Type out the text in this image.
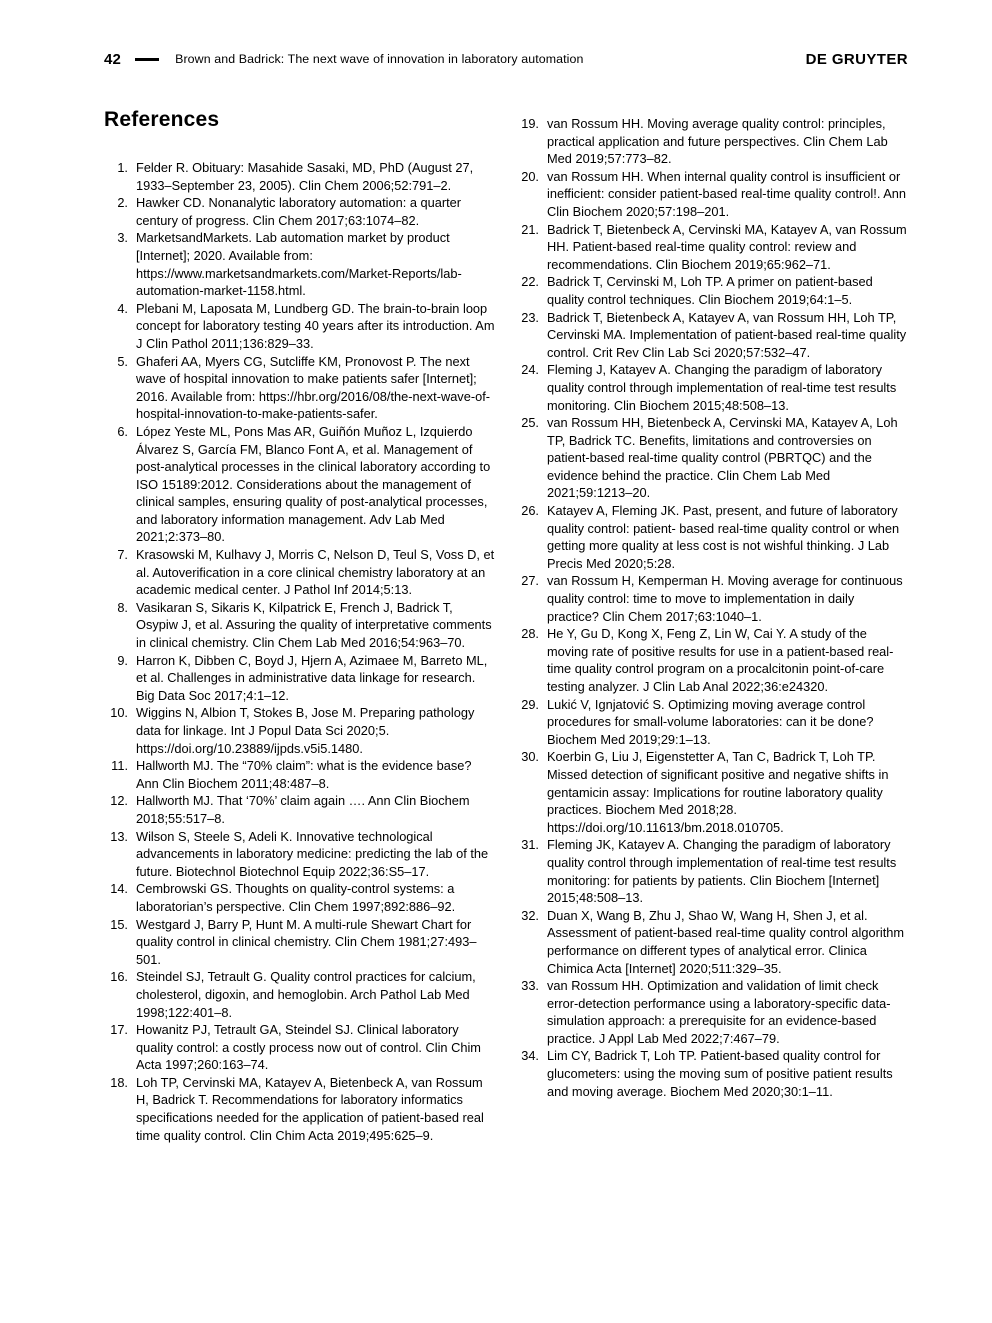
42	Brown and Badrick: The next wave of innovation in laboratory automation	DE GRUYTER
References
1. Felder R. Obituary: Masahide Sasaki, MD, PhD (August 27, 1933–September 23, 2005). Clin Chem 2006;52:791–2.
2. Hawker CD. Nonanalytic laboratory automation: a quarter century of progress. Clin Chem 2017;63:1074–82.
3. MarketsandMarkets. Lab automation market by product [Internet]; 2020. Available from: https://www.marketsandmarkets.com/Market-Reports/lab-automation-market-1158.html.
4. Plebani M, Laposata M, Lundberg GD. The brain-to-brain loop concept for laboratory testing 40 years after its introduction. Am J Clin Pathol 2011;136:829–33.
5. Ghaferi AA, Myers CG, Sutcliffe KM, Pronovost P. The next wave of hospital innovation to make patients safer [Internet]; 2016. Available from: https://hbr.org/2016/08/the-next-wave-of-hospital-innovation-to-make-patients-safer.
6. López Yeste ML, Pons Mas AR, Guiñón Muñoz L, Izquierdo Álvarez S, García FM, Blanco Font A, et al. Management of post-analytical processes in the clinical laboratory according to ISO 15189:2012. Considerations about the management of clinical samples, ensuring quality of post-analytical processes, and laboratory information management. Adv Lab Med 2021;2:373–80.
7. Krasowski M, Kulhavy J, Morris C, Nelson D, Teul S, Voss D, et al. Autoverification in a core clinical chemistry laboratory at an academic medical center. J Pathol Inf 2014;5:13.
8. Vasikaran S, Sikaris K, Kilpatrick E, French J, Badrick T, Osypiw J, et al. Assuring the quality of interpretative comments in clinical chemistry. Clin Chem Lab Med 2016;54:963–70.
9. Harron K, Dibben C, Boyd J, Hjern A, Azimaee M, Barreto ML, et al. Challenges in administrative data linkage for research. Big Data Soc 2017;4:1–12.
10. Wiggins N, Albion T, Stokes B, Jose M. Preparing pathology data for linkage. Int J Popul Data Sci 2020;5. https://doi.org/10.23889/ijpds.v5i5.1480.
11. Hallworth MJ. The “70% claim”: what is the evidence base? Ann Clin Biochem 2011;48:487–8.
12. Hallworth MJ. That ‘70%’ claim again …. Ann Clin Biochem 2018;55:517–8.
13. Wilson S, Steele S, Adeli K. Innovative technological advancements in laboratory medicine: predicting the lab of the future. Biotechnol Biotechnol Equip 2022;36:S5–17.
14. Cembrowski GS. Thoughts on quality-control systems: a laboratorian’s perspective. Clin Chem 1997;892:886–92.
15. Westgard J, Barry P, Hunt M. A multi-rule Shewart Chart for quality control in clinical chemistry. Clin Chem 1981;27:493–501.
16. Steindel SJ, Tetrault G. Quality control practices for calcium, cholesterol, digoxin, and hemoglobin. Arch Pathol Lab Med 1998;122:401–8.
17. Howanitz PJ, Tetrault GA, Steindel SJ. Clinical laboratory quality control: a costly process now out of control. Clin Chim Acta 1997;260:163–74.
18. Loh TP, Cervinski MA, Katayev A, Bietenbeck A, van Rossum H, Badrick T. Recommendations for laboratory informatics specifications needed for the application of patient-based real time quality control. Clin Chim Acta 2019;495:625–9.
19. van Rossum HH. Moving average quality control: principles, practical application and future perspectives. Clin Chem Lab Med 2019;57:773–82.
20. van Rossum HH. When internal quality control is insufficient or inefficient: consider patient-based real-time quality control!. Ann Clin Biochem 2020;57:198–201.
21. Badrick T, Bietenbeck A, Cervinski MA, Katayev A, van Rossum HH. Patient-based real-time quality control: review and recommendations. Clin Biochem 2019;65:962–71.
22. Badrick T, Cervinski M, Loh TP. A primer on patient-based quality control techniques. Clin Biochem 2019;64:1–5.
23. Badrick T, Bietenbeck A, Katayev A, van Rossum HH, Loh TP, Cervinski MA. Implementation of patient-based real-time quality control. Crit Rev Clin Lab Sci 2020;57:532–47.
24. Fleming J, Katayev A. Changing the paradigm of laboratory quality control through implementation of real-time test results monitoring. Clin Biochem 2015;48:508–13.
25. van Rossum HH, Bietenbeck A, Cervinski MA, Katayev A, Loh TP, Badrick TC. Benefits, limitations and controversies on patient-based real-time quality control (PBRTQC) and the evidence behind the practice. Clin Chem Lab Med 2021;59:1213–20.
26. Katayev A, Fleming JK. Past, present, and future of laboratory quality control: patient- based real-time quality control or when getting more quality at less cost is not wishful thinking. J Lab Precis Med 2020;5:28.
27. van Rossum H, Kemperman H. Moving average for continuous quality control: time to move to implementation in daily practice? Clin Chem 2017;63:1040–1.
28. He Y, Gu D, Kong X, Feng Z, Lin W, Cai Y. A study of the moving rate of positive results for use in a patient-based real-time quality control program on a procalcitonin point-of-care testing analyzer. J Clin Lab Anal 2022;36:e24320.
29. Lukić V, Ignjatović S. Optimizing moving average control procedures for small-volume laboratories: can it be done? Biochem Med 2019;29:1–13.
30. Koerbin G, Liu J, Eigenstetter A, Tan C, Badrick T, Loh TP. Missed detection of significant positive and negative shifts in gentamicin assay: Implications for routine laboratory quality practices. Biochem Med 2018;28. https://doi.org/10.11613/bm.2018.010705.
31. Fleming JK, Katayev A. Changing the paradigm of laboratory quality control through implementation of real-time test results monitoring: for patients by patients. Clin Biochem [Internet] 2015;48:508–13.
32. Duan X, Wang B, Zhu J, Shao W, Wang H, Shen J, et al. Assessment of patient-based real-time quality control algorithm performance on different types of analytical error. Clinica Chimica Acta [Internet] 2020;511:329–35.
33. van Rossum HH. Optimization and validation of limit check error-detection performance using a laboratory-specific data-simulation approach: a prerequisite for an evidence-based practice. J Appl Lab Med 2022;7:467–79.
34. Lim CY, Badrick T, Loh TP. Patient-based quality control for glucometers: using the moving sum of positive patient results and moving average. Biochem Med 2020;30:1–11.
